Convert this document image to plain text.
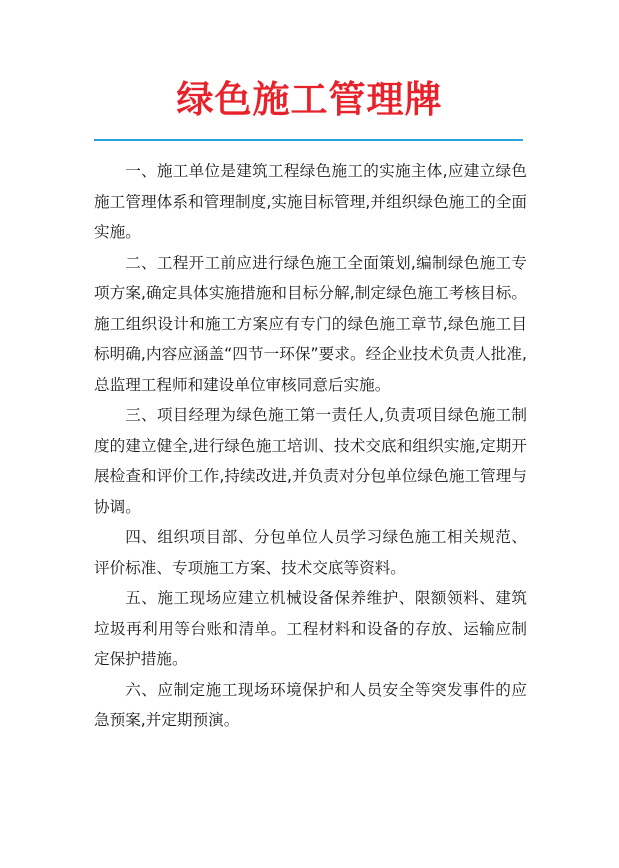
绿色施工管理牌

一、施工单位是建筑工程绿色施工的实施主体,应建立绿色施工管理体系和管理制度,实施目标管理,并组织绿色施工的全面实施。

二、工程开工前应进行绿色施工全面策划,编制绿色施工专项方案,确定具体实施措施和目标分解,制定绿色施工考核目标。施工组织设计和施工方案应有专门的绿色施工章节,绿色施工目标明确,内容应涵盖“四节一环保”要求。经企业技术负责人批准,总监理工程师和建设单位审核同意后实施。

三、项目经理为绿色施工第一责任人,负责项目绿色施工制度的建立健全,进行绿色施工培训、技术交底和组织实施,定期开展检查和评价工作,持续改进,并负责对分包单位绿色施工管理与协调。

四、组织项目部、分包单位人员学习绿色施工相关规范、评价标准、专项施工方案、技术交底等资料。

五、施工现场应建立机械设备保养维护、限额领料、建筑垃圾再利用等台账和清单。工程材料和设备的存放、运输应制定保护措施。

六、应制定施工现场环境保护和人员安全等突发事件的应急预案,并定期预演。
